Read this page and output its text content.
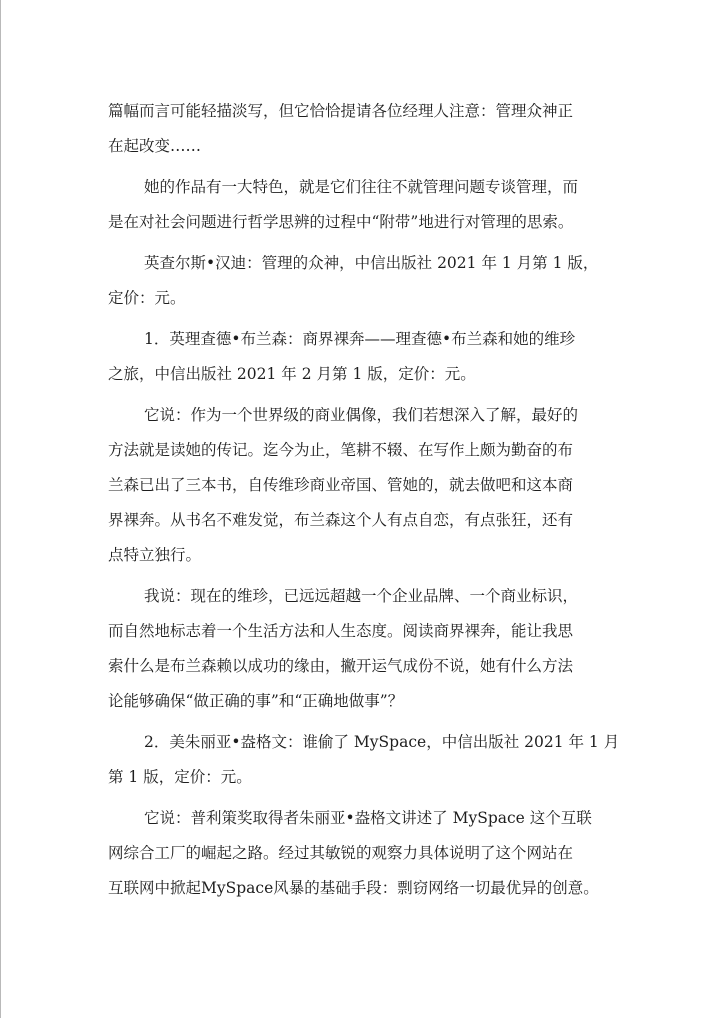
篇幅而言可能轻描淡写，但它恰恰提请各位经理人注意：管理众神正
在起改变……

她的作品有一大特色，就是它们往往不就管理问题专谈管理，而
是在对社会问题进行哲学思辨的过程中“附带”地进行对管理的思索。

英查尔斯•汉迪：管理的众神，中信出版社 2021 年 1 月第 1 版，
定价：元。

1．英理查德•布兰森：商界裸奔——理查德•布兰森和她的维珍
之旅，中信出版社 2021 年 2 月第 1 版，定价：元。

它说：作为一个世界级的商业偶像，我们若想深入了解，最好的
方法就是读她的传记。迄今为止，笔耕不辍、在写作上颇为勤奋的布
兰森已出了三本书，自传维珍商业帝国、管她的，就去做吧和这本商
界裸奔。从书名不难发觉，布兰森这个人有点自恋，有点张狂，还有
点特立独行。

我说：现在的维珍，已远远超越一个企业品牌、一个商业标识，
而自然地标志着一个生活方法和人生态度。阅读商界裸奔，能让我思
索什么是布兰森赖以成功的缘由，撇开运气成份不说，她有什么方法
论能够确保“做正确的事”和“正确地做事”？

2．美朱丽亚•盎格文：谁偷了 MySpace，中信出版社 2021 年 1 月
第 1 版，定价：元。

它说：普利策奖取得者朱丽亚•盎格文讲述了 MySpace 这个互联
网综合工厂的崛起之路。经过其敏锐的观察力具体说明了这个网站在
互联网中掀起MySpace风暴的基础手段：剽窃网络一切最优异的创意。
